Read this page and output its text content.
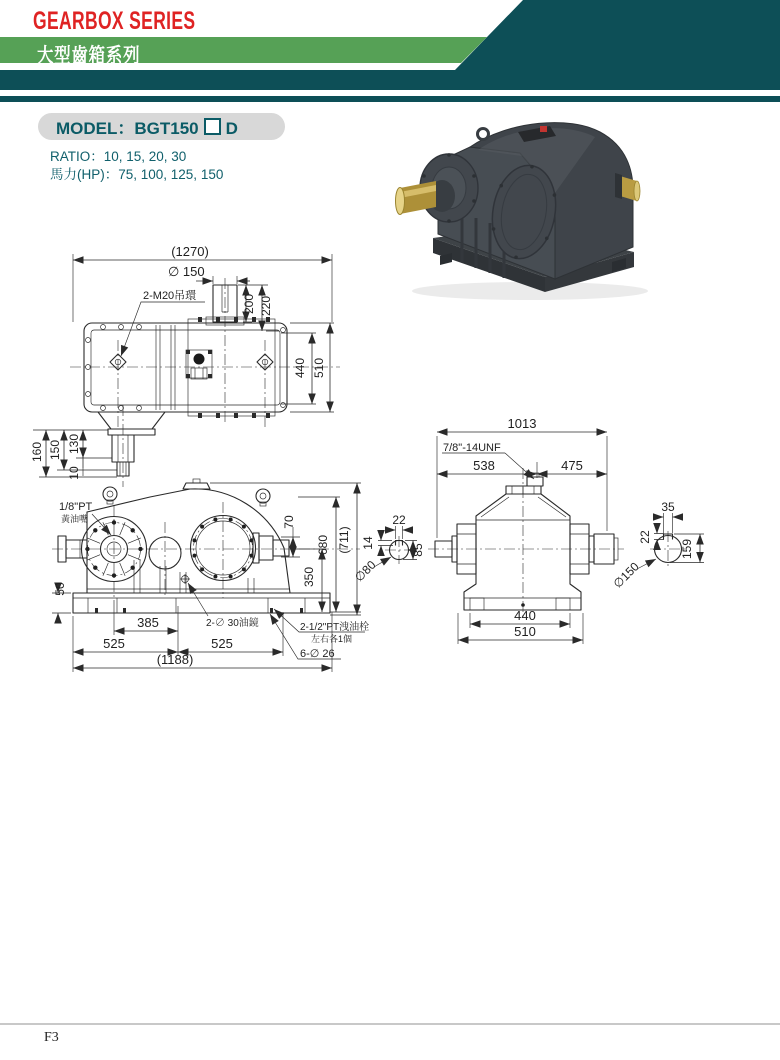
GEARBOX SERIES
大型齒箱系列
MODEL：BGT150 D
RATIO：10, 15, 20, 30
馬力(HP)：75, 100, 125, 150
(1270)
∅ 150
2-M20吊環	200 220
440 510
160 150 130
10
1/8"PT
黃油嘴
2-∅ 30油鏡	2-1/2"PT洩油栓
左右各1個
6-∅ 26
70
680 (711)
350
50
385
525	525
(1188)
1013
7/8"-14UNF
538	475
440
510
22
14
85
∅80
35
22
159
∅150
F3
